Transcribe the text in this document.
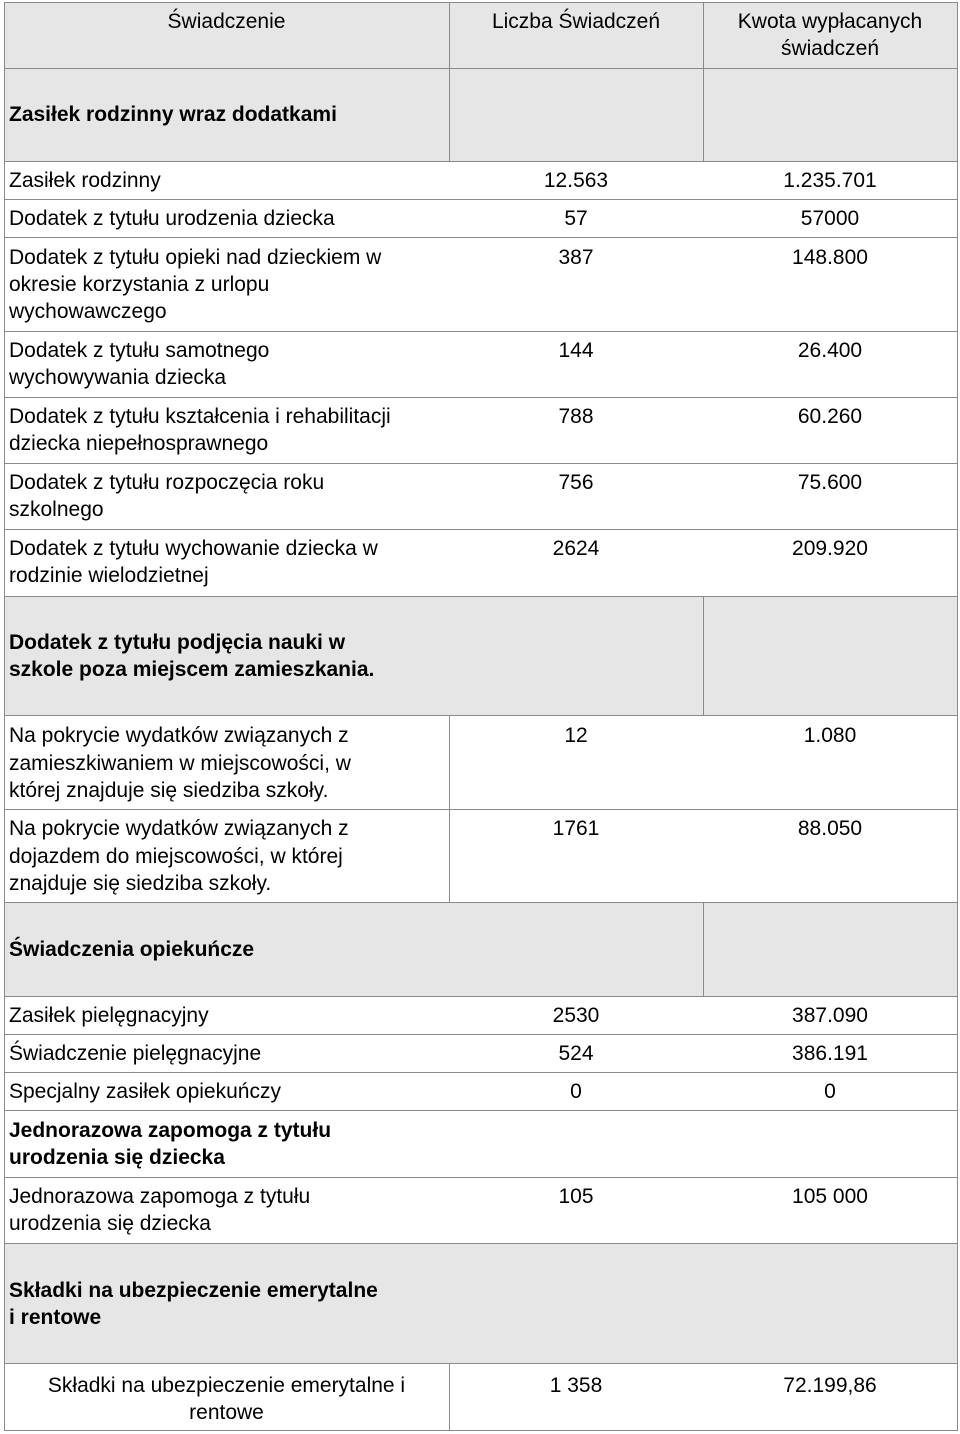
Świadczenie	Liczba Świadczeń	Kwota wypłacanych
świadczeń
Zasiłek rodzinny wraz dodatkami
Zasiłek rodzinny	12.563	1.235.701
Dodatek z tytułu urodzenia dziecka	57	57000
Dodatek z tytułu opieki nad dzieckiem w
okresie korzystania z urlopu
wychowawczego
387	148.800
Dodatek z tytułu samotnego
wychowywania dziecka
144	26.400
Dodatek z tytułu kształcenia i rehabilitacji
dziecka niepełnosprawnego
788	60.260
Dodatek z tytułu rozpoczęcia roku
szkolnego
756	75.600
Dodatek z tytułu wychowanie dziecka w
rodzinie wielodzietnej
2624	209.920
Dodatek z tytułu podjęcia nauki w
szkole poza miejscem zamieszkania.
Na pokrycie wydatków związanych z
zamieszkiwaniem w miejscowości, w
której znajduje się siedziba szkoły.
12	1.080
Na pokrycie wydatków związanych z
dojazdem do miejscowości, w której
znajduje się siedziba szkoły.
1761	88.050
Świadczenia opiekuńcze
Zasiłek pielęgnacyjny	2530	387.090
Świadczenie pielęgnacyjne	524	386.191
Specjalny zasiłek opiekuńczy	0	0
Jednorazowa zapomoga z tytułu
urodzenia się dziecka
Jednorazowa zapomoga z tytułu
urodzenia się dziecka
105	105 000
Składki na ubezpieczenie emerytalne
i rentowe
Składki na ubezpieczenie emerytalne i
rentowe
1 358	72.199,86
